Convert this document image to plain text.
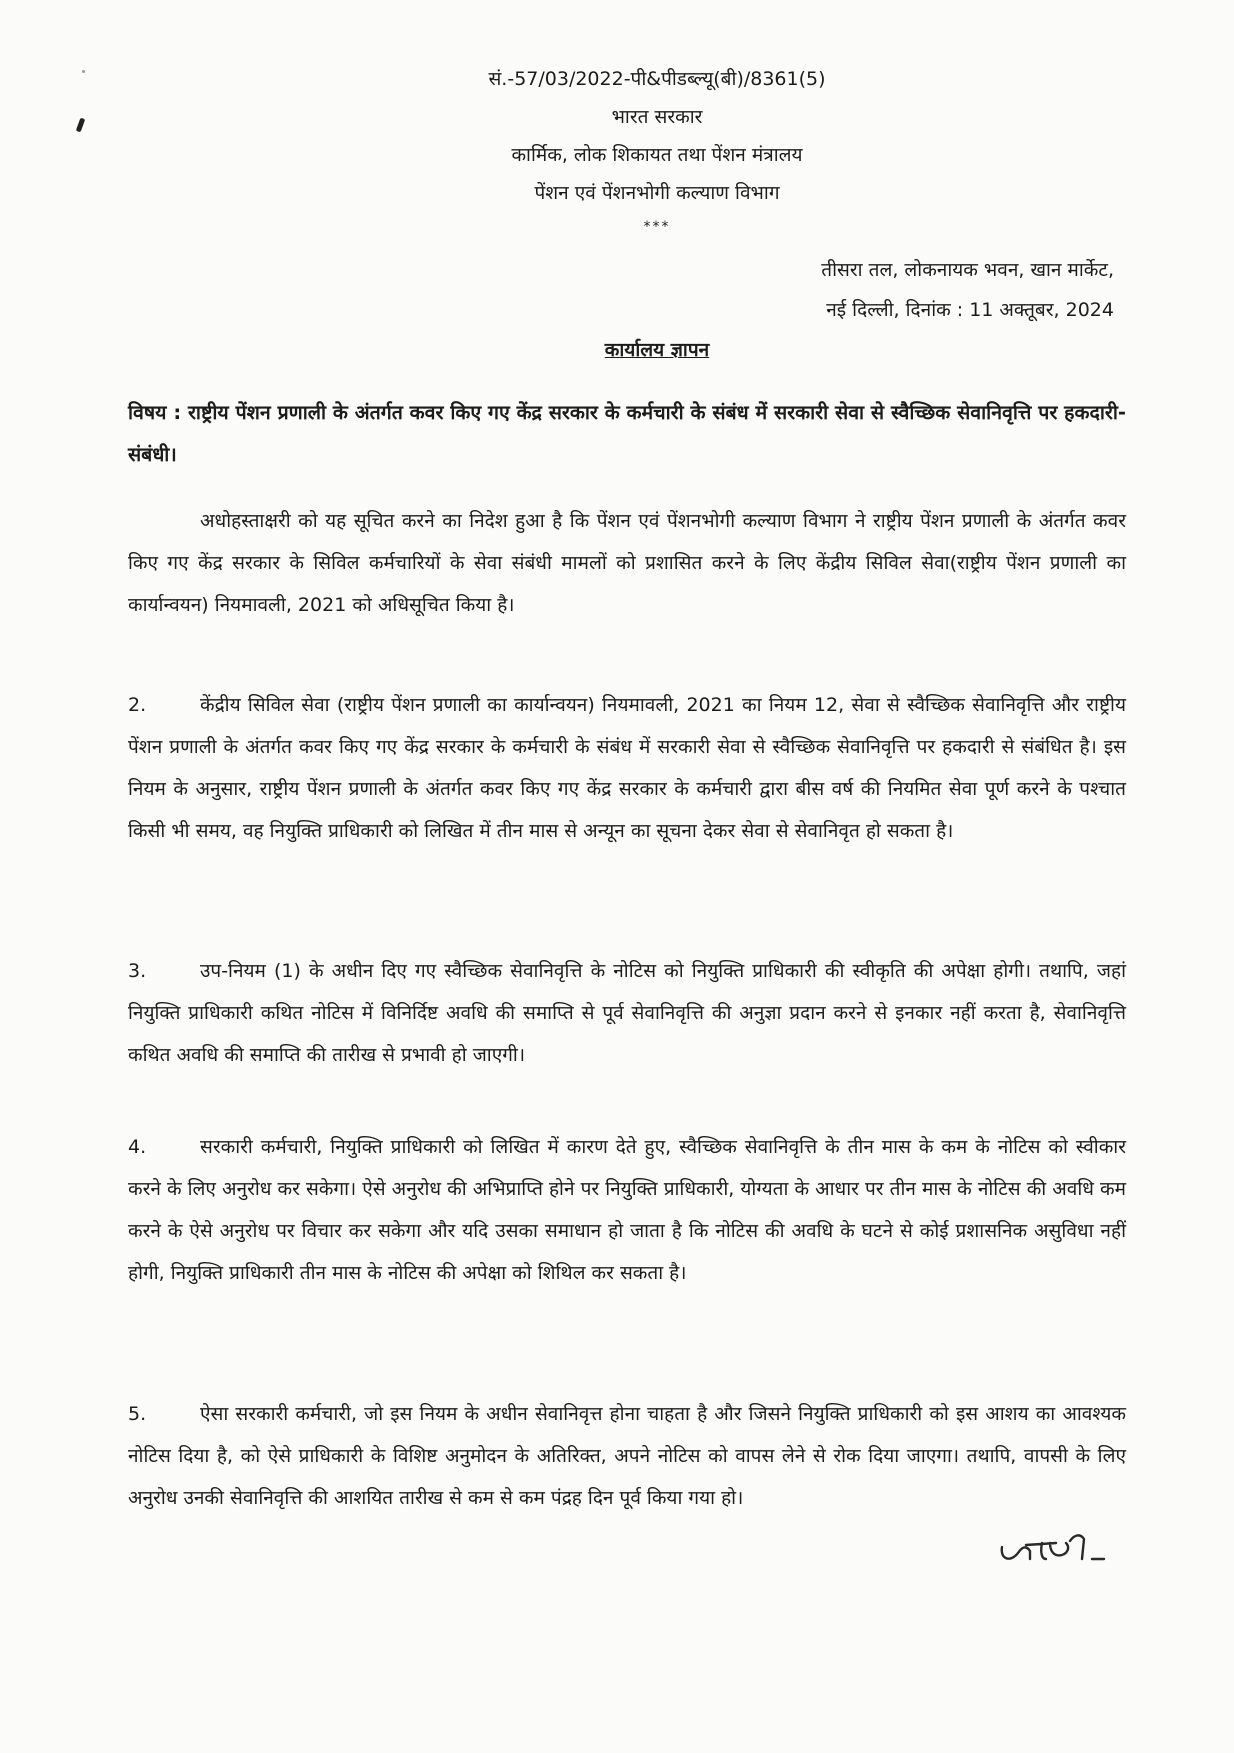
सं.-57/03/2022-पी&पीडब्ल्यू(बी)/8361(5)
भारत सरकार
कार्मिक, लोक शिकायत तथा पेंशन मंत्रालय
पेंशन एवं पेंशनभोगी कल्याण विभाग
***
तीसरा तल, लोकनायक भवन, खान मार्केट,
नई दिल्ली, दिनांक : 11 अक्तूबर, 2024
कार्यालय ज्ञापन
विषय : राष्ट्रीय पेंशन प्रणाली के अंतर्गत कवर किए गए केंद्र सरकार के कर्मचारी के संबंध में सरकारी सेवा से स्वैच्छिक सेवानिवृत्ति पर हकदारी-संबंधी।

अधोहस्ताक्षरी को यह सूचित करने का निदेश हुआ है कि पेंशन एवं पेंशनभोगी कल्याण विभाग ने राष्ट्रीय पेंशन प्रणाली के अंतर्गत कवर किए गए केंद्र सरकार के सिविल कर्मचारियों के सेवा संबंधी मामलों को प्रशासित करने के लिए केंद्रीय सिविल सेवा(राष्ट्रीय पेंशन प्रणाली का कार्यान्वयन) नियमावली, 2021 को अधिसूचित किया है।

2.	केंद्रीय सिविल सेवा (राष्ट्रीय पेंशन प्रणाली का कार्यान्वयन) नियमावली, 2021 का नियम 12, सेवा से स्वैच्छिक सेवानिवृत्ति और राष्ट्रीय पेंशन प्रणाली के अंतर्गत कवर किए गए केंद्र सरकार के कर्मचारी के संबंध में सरकारी सेवा से स्वैच्छिक सेवानिवृत्ति पर हकदारी से संबंधित है। इस नियम के अनुसार, राष्ट्रीय पेंशन प्रणाली के अंतर्गत कवर किए गए केंद्र सरकार के कर्मचारी द्वारा बीस वर्ष की नियमित सेवा पूर्ण करने के पश्चात किसी भी समय, वह नियुक्ति प्राधिकारी को लिखित में तीन मास से अन्यून का सूचना देकर सेवा से सेवानिवृत हो सकता है।

3.	उप-नियम (1) के अधीन दिए गए स्वैच्छिक सेवानिवृत्ति के नोटिस को नियुक्ति प्राधिकारी की स्वीकृति की अपेक्षा होगी। तथापि, जहां नियुक्ति प्राधिकारी कथित नोटिस में विनिर्दिष्ट अवधि की समाप्ति से पूर्व सेवानिवृत्ति की अनुज्ञा प्रदान करने से इनकार नहीं करता है, सेवानिवृत्ति कथित अवधि की समाप्ति की तारीख से प्रभावी हो जाएगी।

4.	सरकारी कर्मचारी, नियुक्ति प्राधिकारी को लिखित में कारण देते हुए, स्वैच्छिक सेवानिवृत्ति के तीन मास के कम के नोटिस को स्वीकार करने के लिए अनुरोध कर सकेगा। ऐसे अनुरोध की अभिप्राप्ति होने पर नियुक्ति प्राधिकारी, योग्यता के आधार पर तीन मास के नोटिस की अवधि कम करने के ऐसे अनुरोध पर विचार कर सकेगा और यदि उसका समाधान हो जाता है कि नोटिस की अवधि के घटने से कोई प्रशासनिक असुविधा नहीं होगी, नियुक्ति प्राधिकारी तीन मास के नोटिस की अपेक्षा को शिथिल कर सकता है।

5.	ऐसा सरकारी कर्मचारी, जो इस नियम के अधीन सेवानिवृत्त होना चाहता है और जिसने नियुक्ति प्राधिकारी को इस आशय का आवश्यक नोटिस दिया है, को ऐसे प्राधिकारी के विशिष्ट अनुमोदन के अतिरिक्त, अपने नोटिस को वापस लेने से रोक दिया जाएगा। तथापि, वापसी के लिए अनुरोध उनकी सेवानिवृत्ति की आशयित तारीख से कम से कम पंद्रह दिन पूर्व किया गया हो।
